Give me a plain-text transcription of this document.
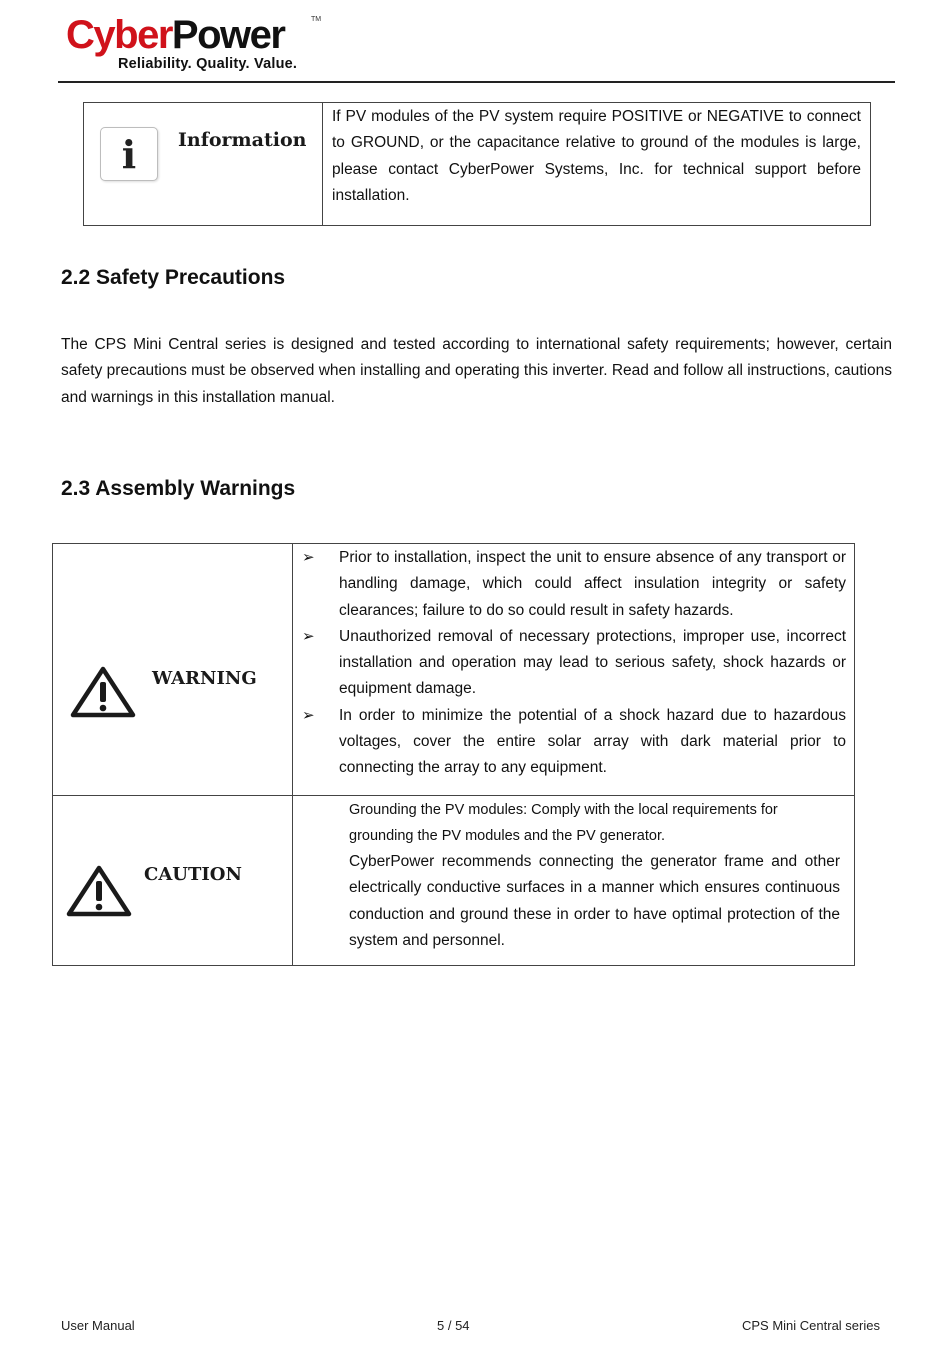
CyberPower	TM
Reliability. Quality. Value.
i	Information
If PV modules of the PV system require POSITIVE or NEGATIVE to connect to GROUND, or the capacitance relative to ground of the modules is large, please contact CyberPower Systems, Inc. for technical support before installation.
2.2 Safety Precautions

The CPS Mini Central series is designed and tested according to international safety requirements; however, certain safety precautions must be observed when installing and operating this inverter. Read and follow all instructions, cautions and warnings in this installation manual.

2.3 Assembly Warnings
WARNING
➢ Prior to installation, inspect the unit to ensure absence of any transport or handling damage, which could affect insulation integrity or safety clearances; failure to do so could result in safety hazards.
➢ Unauthorized removal of necessary protections, improper use, incorrect installation and operation may lead to serious safety, shock hazards or equipment damage.
➢ In order to minimize the potential of a shock hazard due to hazardous voltages, cover the entire solar array with dark material prior to connecting the array to any equipment.
CAUTION
Grounding the PV modules: Comply with the local requirements for grounding the PV modules and the PV generator.
CyberPower recommends connecting the generator frame and other electrically conductive surfaces in a manner which ensures continuous conduction and ground these in order to have optimal protection of the system and personnel.
User Manual	5 / 54	CPS Mini Central series
